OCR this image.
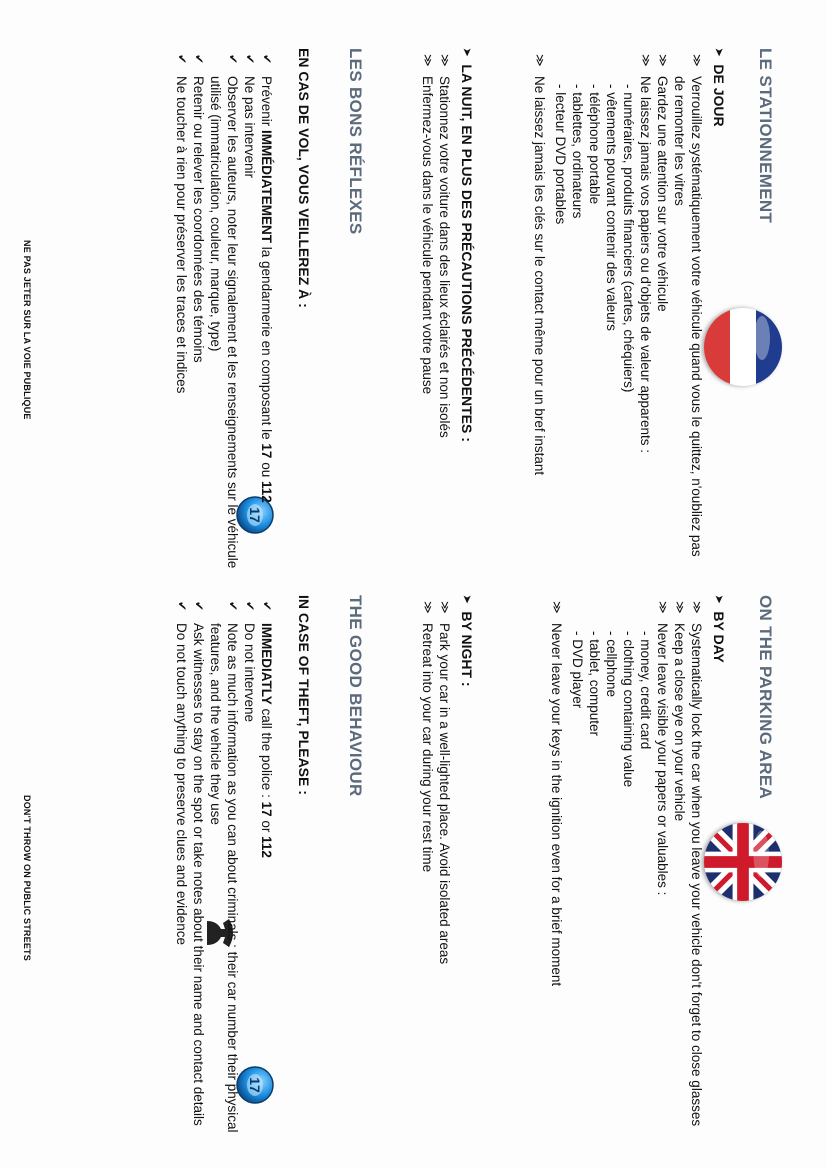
LE STATIONNEMENT
➤
DE JOUR
≫
Verrouillez systématiquement votre véhicule quand vous le quittez, n'oubliez pas de remonter les vitres
≫
Gardez une attention sur votre véhicule
≫
Ne laissez jamais vos papiers ou d'objets de valeur apparents :
- numéraires, produits financiers (cartes, chéquiers)
- vêtements pouvant contenir des valeurs
- téléphone portable
- tablettes, ordinateurs
- lecteur DVD portables
≫
Ne laissez jamais les clés sur le contact même pour un bref instant
➤
LA NUIT, EN PLUS DES PRÉCAUTIONS PRÉCÉDENTES :
≫
Stationnez votre voiture dans des lieux éclairés et non isolés
≫
Enfermez-vous dans le véhicule pendant votre pause
LES BONS RÉFLEXES
EN CAS DE VOL, VOUS VEILLEREZ À :
17
✔
Prévenir IMMÉDIATEMENT la gendarmerie en composant le 17 ou 112
✔
Ne pas intervenir
✔
Observer les auteurs, noter leur signalement et les renseignements sur le véhicule utilisé (immatriculation, couleur, marque, type)
✔
Retenir ou relever les coordonnées des témoins
✔
Ne toucher à rien pour préserver les traces et indices
NE PAS JETER SUR LA VOIE PUBLIQUE
ON THE PARKING AREA
➤
BY DAY
≫
Systematically lock the car when you leave your vehicle don't forget to close glasses
≫
Keep a close eye on your vehicle
≫
Never leave visible your papers or valuables :
- money, credit card
- clothing containing value
- cellphone
- tablet, computer
- DVD player
≫
Never leave your keys in the ignition even for a brief moment
➤
BY NIGHT :
≫
Park your car in a well-lighted place. Avoid isolated areas
≫
Retreat into your car during your rest time
THE GOOD BEHAVIOUR
IN CASE OF THEFT, PLEASE :
17
✔
IMMEDIATLY call the police : 17 or 112
✔
Do not intervene
✔
Note as much information as you can about criminals : their car number their physical features, and the vehicle they use
✔
Ask witnesses to stay on the spot or take notes about their name and contact details
✔
Do not touch anything to preserve clues and evidence
DON'T THROW ON PUBLIC STREETS
